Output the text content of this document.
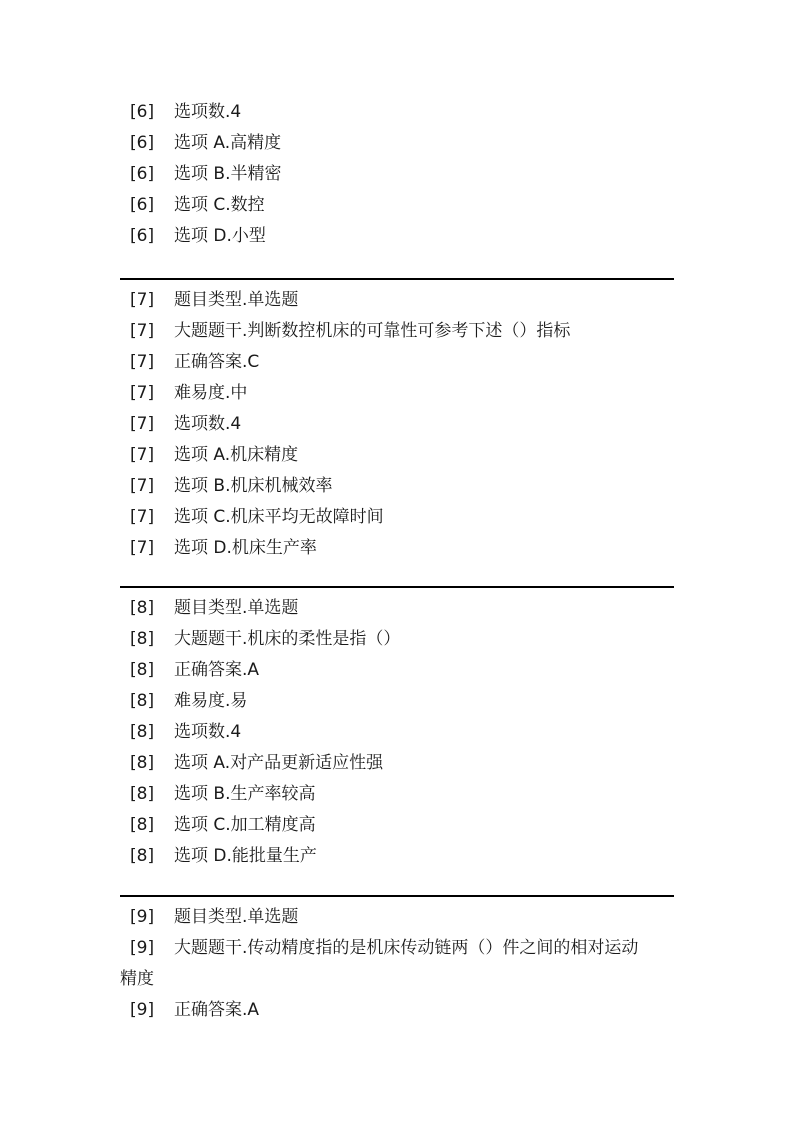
[6]	选项数.4
[6]	选项 A.高精度
[6]	选项 B.半精密
[6]	选项 C.数控
[6]	选项 D.小型
[7]	题目类型.单选题
[7]	大题题干.判断数控机床的可靠性可参考下述（）指标
[7]	正确答案.C
[7]	难易度.中
[7]	选项数.4
[7]	选项 A.机床精度
[7]	选项 B.机床机械效率
[7]	选项 C.机床平均无故障时间
[7]	选项 D.机床生产率
[8]	题目类型.单选题
[8]	大题题干.机床的柔性是指（）
[8]	正确答案.A
[8]	难易度.易
[8]	选项数.4
[8]	选项 A.对产品更新适应性强
[8]	选项 B.生产率较高
[8]	选项 C.加工精度高
[8]	选项 D.能批量生产
[9]	题目类型.单选题
[9]	大题题干.传动精度指的是机床传动链两（）件之间的相对运动
精度
[9]	正确答案.A
